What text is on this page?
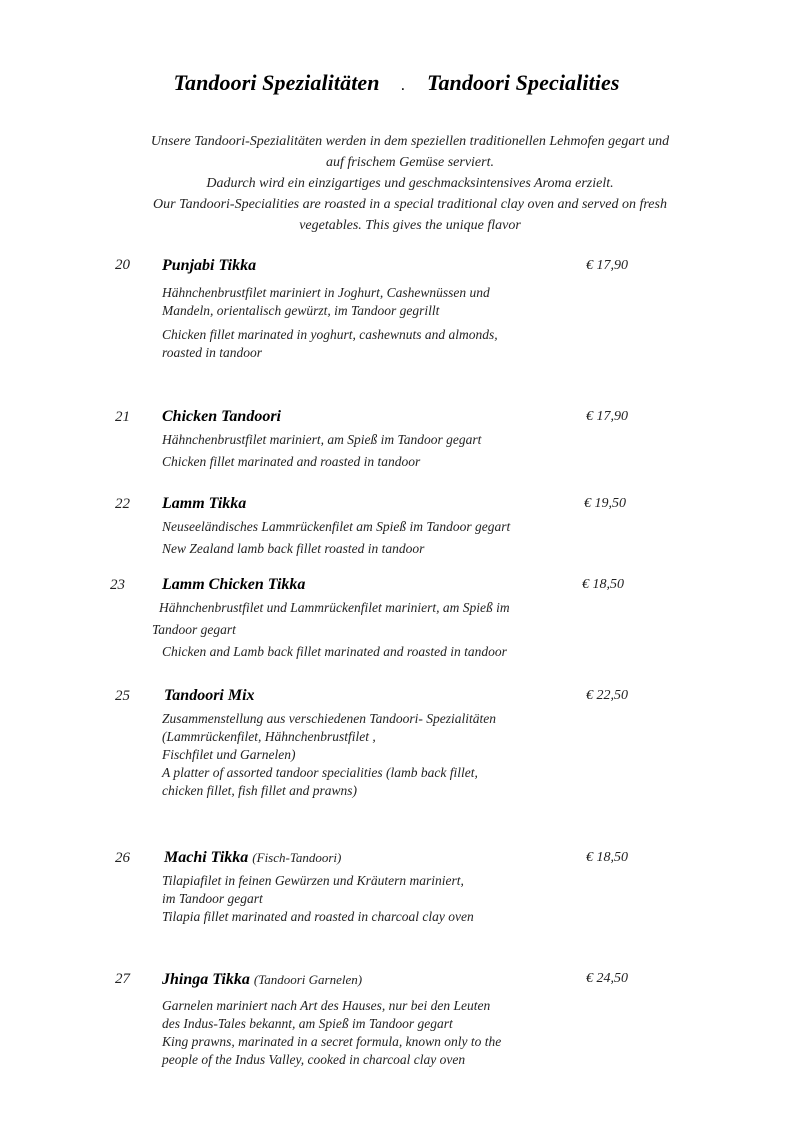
Tandoori Spezialitäten . Tandoori Specialities

Unsere Tandoori-Spezialitäten werden in dem speziellen traditionellen Lehmofen gegart und

auf frischem Gemüse serviert.

Dadurch wird ein einzigartiges und geschmacksintensives Aroma erzielt.

Our Tandoori-Specialities are roasted in a special traditional clay oven and served on fresh

vegetables. This gives the unique flavor

20 Punjabi Tikka	€ 17,90

Hähnchenbrustfilet mariniert in Joghurt, Cashewnüssen und

Mandeln, orientalisch gewürzt, im Tandoor gegrillt

Chicken fillet marinated in yoghurt, cashewnuts and almonds,

roasted in tandoor

21 Chicken Tandoori	€ 17,90

Hähnchenbrustfilet mariniert, am Spieß im Tandoor gegart

Chicken fillet marinated and roasted in tandoor

22 Lamm Tikka	€ 19,50

Neuseeländisches Lammrückenfilet am Spieß im Tandoor gegart

New Zealand lamb back fillet roasted in tandoor

23 Lamm Chicken Tikka	€ 18,50

Hähnchenbrustfilet und Lammrückenfilet mariniert, am Spieß im

Tandoor gegart

Chicken and Lamb back fillet marinated and roasted in tandoor

25 Tandoori Mix	€ 22,50

Zusammenstellung aus verschiedenen Tandoori- Spezialitäten

(Lammrückenfilet, Hähnchenbrustfilet ,

Fischfilet und Garnelen)

A platter of assorted tandoor specialities (lamb back fillet,

chicken fillet, fish fillet and prawns)

26 Machi Tikka (Fisch-Tandoori)	€ 18,50

Tilapiafilet in feinen Gewürzen und Kräutern mariniert,

im Tandoor gegart

Tilapia fillet marinated and roasted in charcoal clay oven

27 Jhinga Tikka (Tandoori Garnelen)	€ 24,50

Garnelen mariniert nach Art des Hauses, nur bei den Leuten

des Indus-Tales bekannt, am Spieß im Tandoor gegart

King prawns, marinated in a secret formula, known only to the

people of the Indus Valley, cooked in charcoal clay oven
